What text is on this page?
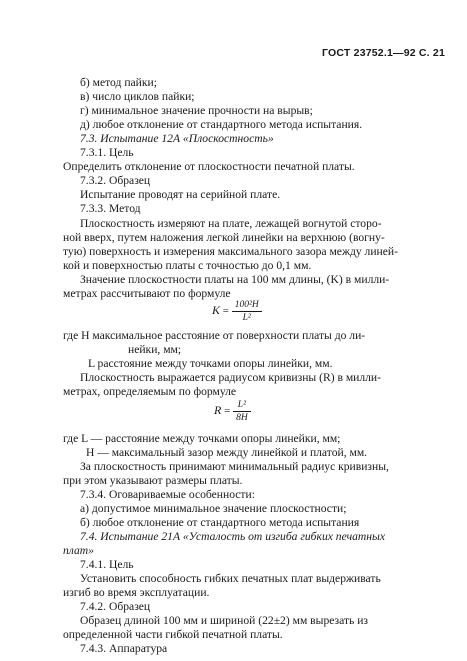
ГОСТ 23752.1—92 С. 21
б) метод пайки;
в) число циклов пайки;
г) минимальное значение прочности на вырыв;
д) любое отклонение от стандартного метода испытания.
7.3. Испытание 12А «Плоскостность»
7.3.1. Цель
Определить отклонение от плоскостности печатной платы.
7.3.2. Образец
Испытание проводят на серийной плате.
7.3.3. Метод
Плоскостность измеряют на плате, лежащей вогнутой сторо-
ной вверх, путем наложения легкой линейки на верхнюю (вогну-
тую) поверхность и измерения максимального зазора между линей-
кой и поверхностью платы с точностью до 0,1 мм.
Значение плоскостности платы на 100 мм длины, (K) в милли-
метрах рассчитывают по формуле
$K = \frac{\text{100²H}}{\text{L²}}$
где H максимальное расстояние от поверхности платы до ли-
нейки, мм;
L расстояние между точками опоры линейки, мм.
Плоскостность выражается радиусом кривизны (R) в милли-
метрах, определяемым по формуле
$R = \frac{\text{L²}}{8H}$
где L — расстояние между точками опоры линейки, мм;
H — максимальный зазор между линейкой и платой, мм.
За плоскостность принимают минимальный радиус кривизны,
при этом указывают размеры платы.
7.3.4. Оговариваемые особенности:
а) допустимое минимальное значение плоскостности;
б) любое отклонение от стандартного метода испытания
7.4. Испытание 21А «Усталость от изгиба гибких печатных
плат»
7.4.1. Цель
Установить способность гибких печатных плат выдерживать
изгиб во время эксплуатации.
7.4.2. Образец
Образец длиной 100 мм и шириной (22±2) мм вырезать из
определенной части гибкой печатной платы.
7.4.3. Аппаратура
